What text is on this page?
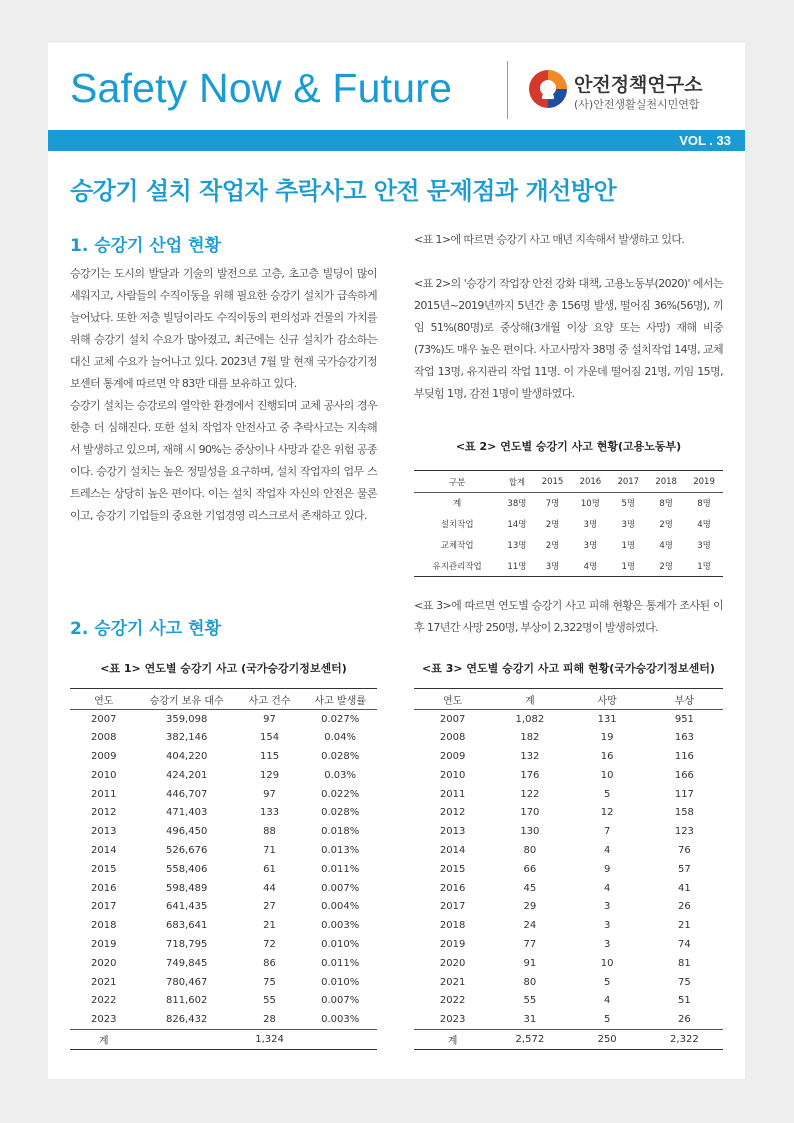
Safety Now & Future	안전정책연구소
(사)안전생활실천시민연합
VOL . 33
승강기 설치 작업자 추락사고 안전 문제점과 개선방안
1. 승강기 산업 현황

승강기는 도시의 발달과 기술의 발전으로 고층, 초고층 빌딩이 많이 세워지고, 사람들의 수직이동을 위해 필요한 승강기 설치가 급속하게 늘어났다. 또한 저층 빌딩이라도 수직이동의 편의성과 건물의 가치를 위해 승강기 설치 수요가 많아졌고, 최근에는 신규 설치가 감소하는 대신 교체 수요가 늘어나고 있다. 2023년 7월 말 현재 국가승강기정보센터 통계에 따르면 약 83만 대를 보유하고 있다.

승강기 설치는 승강로의 열악한 환경에서 진행되며 교체 공사의 경우 한층 더 심해진다. 또한 설치 작업자 안전사고 중 추락사고는 지속해서 발생하고 있으며, 재해 시 90%는 중상이나 사망과 같은 위험 공종이다. 승강기 설치는 높은 정밀성을 요구하며, 설치 작업자의 업무 스트레스는 상당히 높은 편이다. 이는 설치 작업자 자신의 안전은 물론이고, 승강기 기업들의 중요한 기업경영 리스크로서 존재하고 있다.

2. 승강기 사고 현황
<표 1>에 따르면 승강기 사고 매년 지속해서 발생하고 있다.
<표 2>의 '승강기 작업장 안전 강화 대책, 고용노동부(2020)' 에서는 2015년~2019년까지 5년간 총 156명 발생, 떨어짐 36%(56명), 끼임 51%(80명)로 중상해(3개월 이상 요양 또는 사망) 재해 비중(73%)도 매우 높은 편이다. 사고사망자 38명 중 설치작업 14명, 교체작업 13명, 유지관리 작업 11명. 이 가운데 떨어짐 21명, 끼임 15명, 부딪힘 1명, 감전 1명이 발생하였다.
<표 2> 연도별 승강기 사고 현황(고용노동부)
구분	합계	2015	2016	2017	2018	2019
계	38명	7명	10명	5명	8명	8명
설치작업	14명	2명	3명	3명	2명	4명
교체작업	13명	2명	3명	1명	4명	3명
유지관리작업	11명	3명	4명	1명	2명	1명
<표 3>에 따르면 연도별 승강기 사고 피해 현황은 통계가 조사된 이후 17년간 사망 250명, 부상이 2,322명이 발생하였다.
<표 1> 연도별 승강기 사고 (국가승강기정보센터)
연도	승강기 보유 대수	사고 건수	사고 발생률
2007	359,098	97	0.027%
2008	382,146	154	0.04%
2009	404,220	115	0.028%
2010	424,201	129	0.03%
2011	446,707	97	0.022%
2012	471,403	133	0.028%
2013	496,450	88	0.018%
2014	526,676	71	0.013%
2015	558,406	61	0.011%
2016	598,489	44	0.007%
2017	641,435	27	0.004%
2018	683,641	21	0.003%
2019	718,795	72	0.010%
2020	749,845	86	0.011%
2021	780,467	75	0.010%
2022	811,602	55	0.007%
2023	826,432	28	0.003%
계		1,324	
<표 3> 연도별 승강기 사고 피해 현황(국가승강기정보센터)
연도	계	사망	부상
2007	1,082	131	951
2008	182	19	163
2009	132	16	116
2010	176	10	166
2011	122	5	117
2012	170	12	158
2013	130	7	123
2014	80	4	76
2015	66	9	57
2016	45	4	41
2017	29	3	26
2018	24	3	21
2019	77	3	74
2020	91	10	81
2021	80	5	75
2022	55	4	51
2023	31	5	26
계	2,572	250	2,322
